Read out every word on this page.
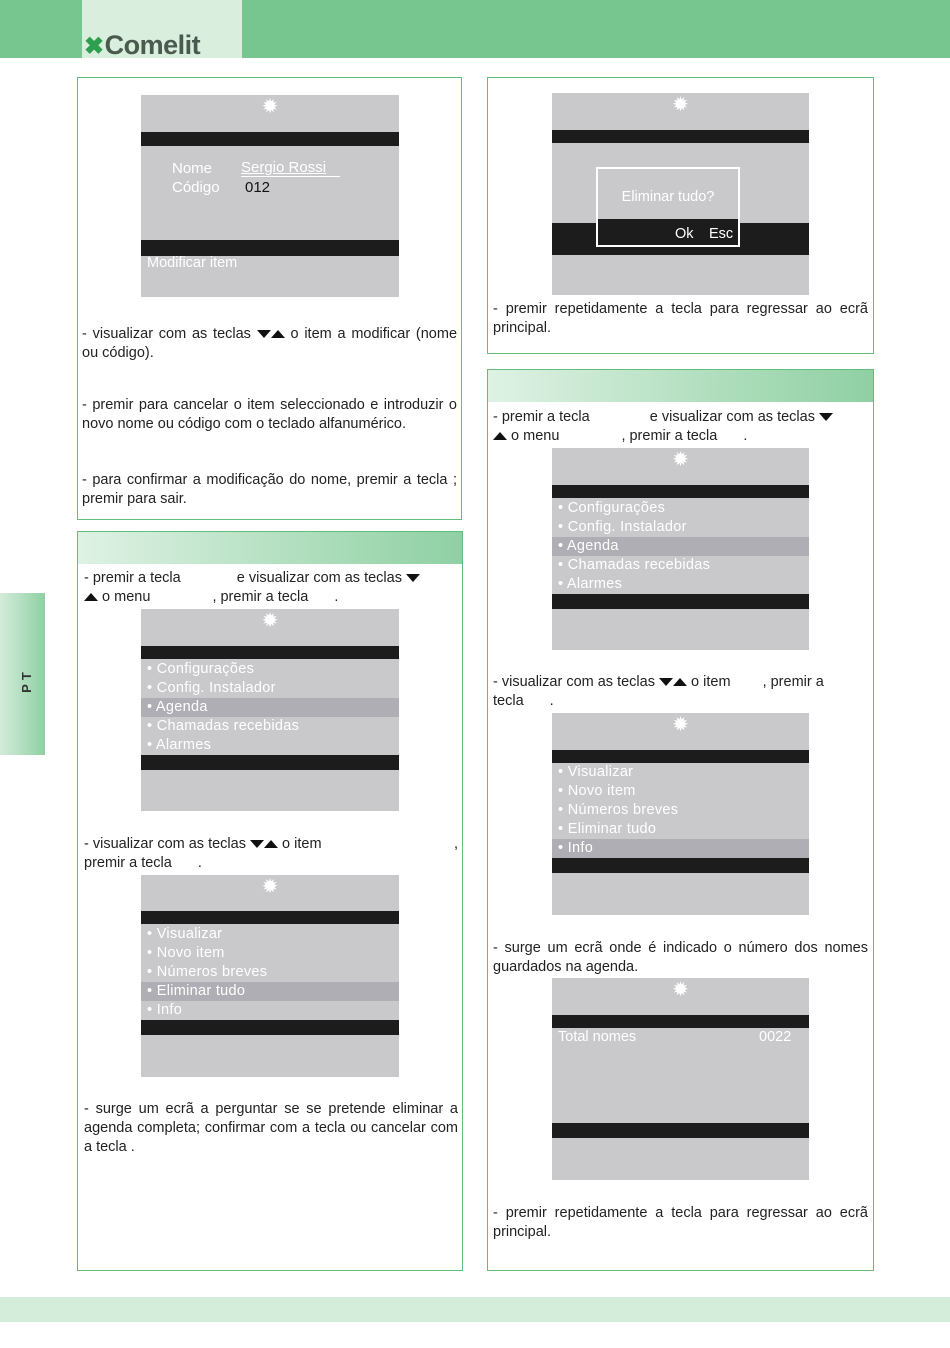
✖Comelit
PT
✹
Nome Sergio Rossi
Código 012
Modificar item
- visualizar com as teclas	o item a modificar (nome ou código).
- premir para cancelar o item seleccionado e introduzir o novo nome ou código com o teclado alfanumérico.
- para confirmar a modificação do nome, premir a tecla ; premir para sair.
- premir a tecla	e visualizar com as teclas
o menu	, premir a tecla .
✹
• Configurações
• Config. Instalador
• Agenda
• Chamadas recebidas
• Alarmes
- visualizar com as teclas o item	,

premir a tecla .
✹
• Visualizar
• Novo item
• Números breves
• Eliminar tudo
• Info
- surge um ecrã a perguntar se se pretende eliminar a agenda completa; confirmar com a tecla ou cancelar com a tecla .
✹
Eliminar tudo?
Ok Esc
- premir repetidamente a tecla para regressar ao ecrã principal.
- premir a tecla	e visualizar com as teclas
o menu	, premir a tecla .
✹
• Configurações
• Config. Instalador
• Agenda
• Chamadas recebidas
• Alarmes
- visualizar com as teclas o item , premir a
tecla .
✹
• Visualizar
• Novo item
• Números breves
• Eliminar tudo
• Info
- surge um ecrã onde é indicado o número dos nomes guardados na agenda.
✹
Total nomes	0022
- premir repetidamente a tecla para regressar ao ecrã principal.
